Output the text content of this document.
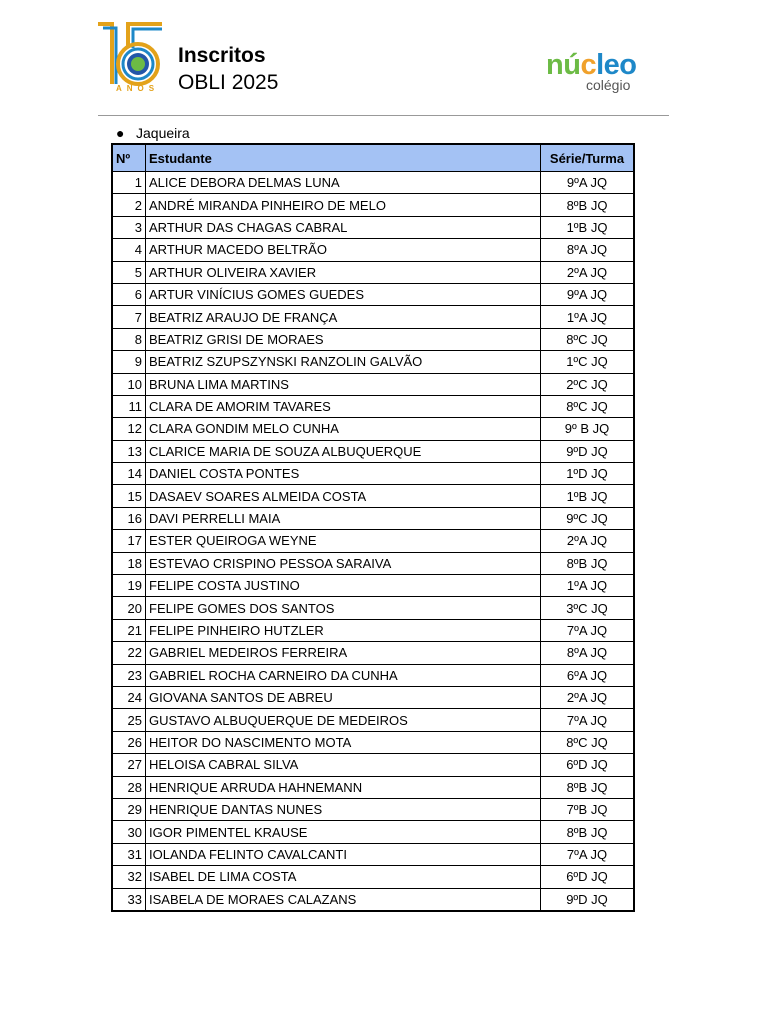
ANOS
Inscritos
OBLI 2025
núcleo
colégio
● Jaqueira
Nº	Estudante	Série/Turma
1	ALICE DEBORA DELMAS LUNA	9ºA JQ
2	ANDRÉ MIRANDA PINHEIRO DE MELO	8ºB JQ
3	ARTHUR DAS CHAGAS CABRAL	1ºB JQ
4	ARTHUR MACEDO BELTRÃO	8ºA JQ
5	ARTHUR OLIVEIRA XAVIER	2ºA JQ
6	ARTUR VINÍCIUS GOMES GUEDES	9ºA JQ
7	BEATRIZ ARAUJO DE FRANÇA	1ºA JQ
8	BEATRIZ GRISI DE MORAES	8ºC JQ
9	BEATRIZ SZUPSZYNSKI RANZOLIN GALVÃO	1ºC JQ
10	BRUNA LIMA MARTINS	2ºC JQ
11	CLARA DE AMORIM TAVARES	8ºC JQ
12	CLARA GONDIM MELO CUNHA	9º B JQ
13	CLARICE MARIA DE SOUZA ALBUQUERQUE	9ºD JQ
14	DANIEL COSTA PONTES	1ºD JQ
15	DASAEV SOARES ALMEIDA COSTA	1ºB JQ
16	DAVI PERRELLI MAIA	9ºC JQ
17	ESTER QUEIROGA WEYNE	2ºA JQ
18	ESTEVAO CRISPINO PESSOA SARAIVA	8ºB JQ
19	FELIPE COSTA JUSTINO	1ºA JQ
20	FELIPE GOMES DOS SANTOS	3ºC JQ
21	FELIPE PINHEIRO HUTZLER	7ºA JQ
22	GABRIEL MEDEIROS FERREIRA	8ºA JQ
23	GABRIEL ROCHA CARNEIRO DA CUNHA	6ºA JQ
24	GIOVANA SANTOS DE ABREU	2ºA JQ
25	GUSTAVO ALBUQUERQUE DE MEDEIROS	7ºA JQ
26	HEITOR DO NASCIMENTO MOTA	8ºC JQ
27	HELOISA CABRAL SILVA	6ºD JQ
28	HENRIQUE ARRUDA HAHNEMANN	8ºB JQ
29	HENRIQUE DANTAS NUNES	7ºB JQ
30	IGOR PIMENTEL KRAUSE	8ºB JQ
31	IOLANDA FELINTO CAVALCANTI	7ºA JQ
32	ISABEL DE LIMA COSTA	6ºD JQ
33	ISABELA DE MORAES CALAZANS	9ºD JQ
